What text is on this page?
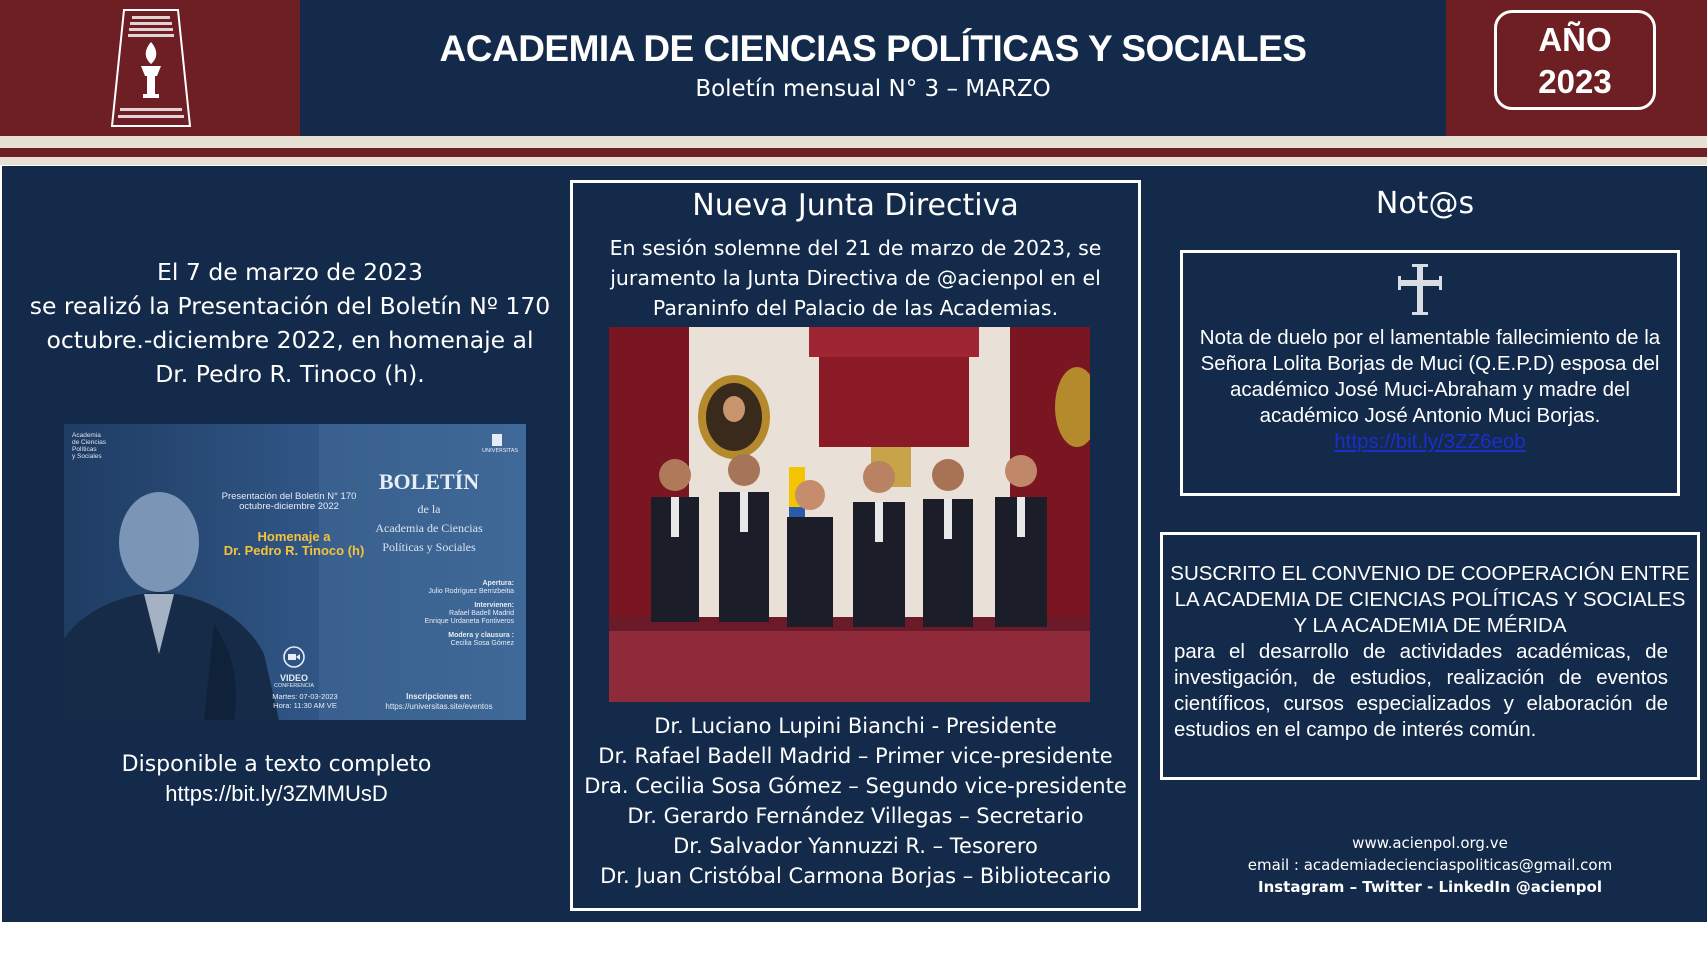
ACADEMIA DE CIENCIAS POLÍTICAS Y SOCIALES
Boletín mensual N° 3 – MARZO
AÑO
2023
El 7 de marzo de 2023
se realizó la Presentación del Boletín Nº 170
octubre.-diciembre 2022, en homenaje al
Dr. Pedro R. Tinoco (h).
Academia
de Ciencias
Políticas
y Sociales
Presentación del Boletín N° 170
octubre-diciembre 2022
Homenaje a
Dr. Pedro R. Tinoco (h)
BOLETÍN
de la
Academia de Ciencias
Políticas y Sociales
UNIVERSITAS
Apertura:
Julio Rodríguez Berrizbeitia
Intervienen:
Rafael Badell Madrid
Enrique Urdaneta Fontiveros
Modera y clausura :
Cecilia Sosa Gómez
VIDEO
CONFERENCIA
Martes: 07-03-2023
Hora: 11:30 AM VE
Inscripciones en:
https://universitas.site/eventos
Disponible a texto completo
https://bit.ly/3ZMMUsD
Nueva Junta Directiva
En sesión solemne del 21 de marzo de 2023, se
juramento la Junta Directiva de @acienpol en el
Paraninfo del Palacio de las Academias.
Dr. Luciano Lupini Bianchi - Presidente
Dr. Rafael Badell Madrid – Primer vice-presidente
Dra. Cecilia Sosa Gómez – Segundo vice-presidente
Dr. Gerardo Fernández Villegas – Secretario
Dr. Salvador Yannuzzi R. – Tesorero
Dr. Juan Cristóbal Carmona Borjas – Bibliotecario
Not@s
Nota de duelo por el lamentable fallecimiento de la Señora Lolita Borjas de Muci (Q.E.P.D) esposa del académico José Muci-Abraham y madre del académico José Antonio Muci Borjas.
https://bit.ly/3ZZ6eob
SUSCRITO EL CONVENIO DE COOPERACIÓN ENTRE LA ACADEMIA DE CIENCIAS POLÍTICAS Y SOCIALES Y LA ACADEMIA DE MÉRIDA
para el desarrollo de actividades académicas, de investigación, de estudios, realización de eventos científicos, cursos especializados y elaboración de estudios en el campo de interés común.
www.acienpol.org.ve
email : academiadecienciaspoliticas@gmail.com
Instagram – Twitter - LinkedIn @acienpol
